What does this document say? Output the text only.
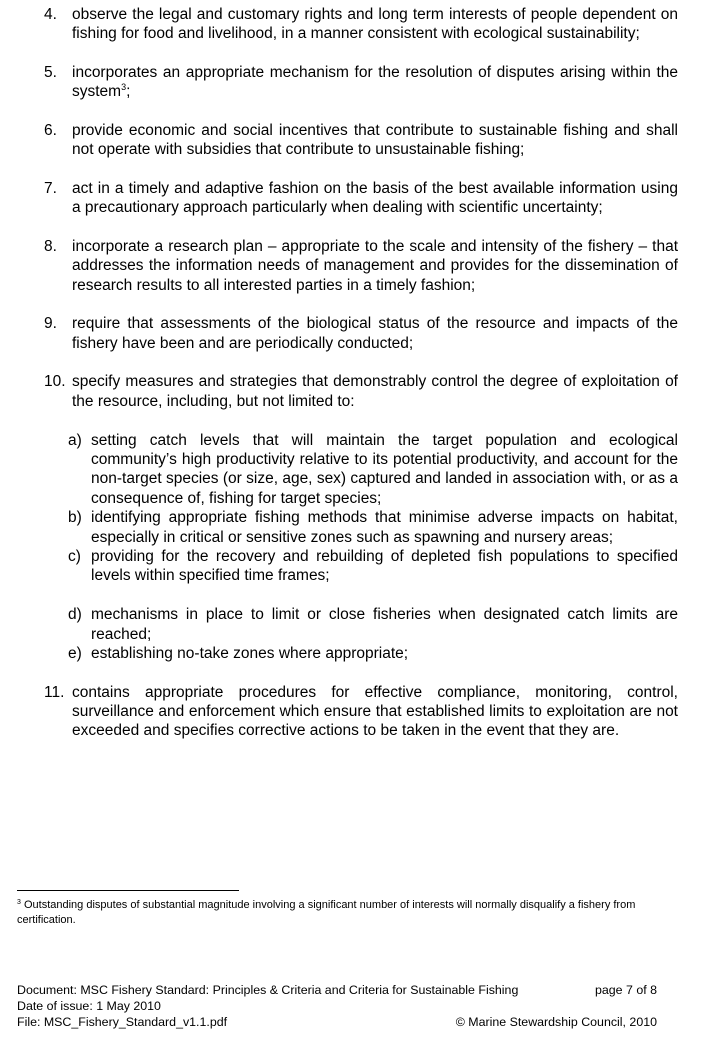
4. observe the legal and customary rights and long term interests of people dependent on fishing for food and livelihood, in a manner consistent with ecological sustainability;
5. incorporates an appropriate mechanism for the resolution of disputes arising within the system$^3$;
6. provide economic and social incentives that contribute to sustainable fishing and shall not operate with subsidies that contribute to unsustainable fishing;
7. act in a timely and adaptive fashion on the basis of the best available information using a precautionary approach particularly when dealing with scientific uncertainty;
8. incorporate a research plan – appropriate to the scale and intensity of the fishery – that addresses the information needs of management and provides for the dissemination of research results to all interested parties in a timely fashion;
9. require that assessments of the biological status of the resource and impacts of the fishery have been and are periodically conducted;
10. specify measures and strategies that demonstrably control the degree of exploitation of the resource, including, but not limited to:
a) setting catch levels that will maintain the target population and ecological community’s high productivity relative to its potential productivity, and account for the non-target species (or size, age, sex) captured and landed in association with, or as a consequence of, fishing for target species;
b) identifying appropriate fishing methods that minimise adverse impacts on habitat, especially in critical or sensitive zones such as spawning and nursery areas;
c) providing for the recovery and rebuilding of depleted fish populations to specified levels within specified time frames;
d) mechanisms in place to limit or close fisheries when designated catch limits are reached;
e) establishing no-take zones where appropriate;
11. contains appropriate procedures for effective compliance, monitoring, control, surveillance and enforcement which ensure that established limits to exploitation are not exceeded and specifies corrective actions to be taken in the event that they are.
$^3$ Outstanding disputes of substantial magnitude involving a significant number of interests will normally disqualify a fishery from certification.
Document: MSC Fishery Standard: Principles & Criteria and Criteria for Sustainable Fishing	page 7 of 8
Date of issue: 1 May 2010
File: MSC_Fishery_Standard_v1.1.pdf	© Marine Stewardship Council, 2010
